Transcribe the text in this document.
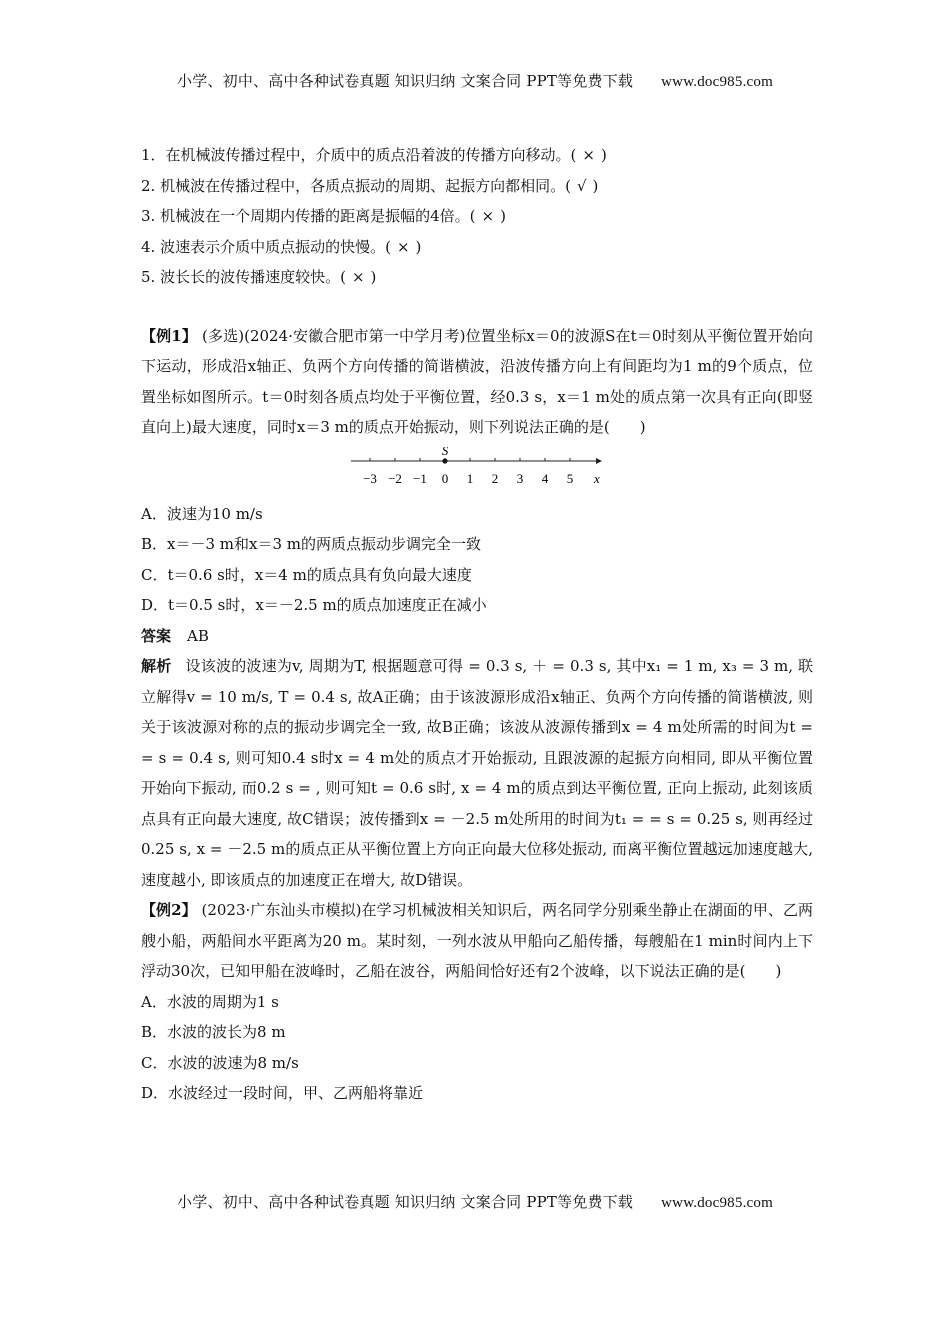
小学、初中、高中各种试卷真题 知识归纳 文案合同 PPT等免费下载 www.doc985.com

1．在机械波传播过程中，介质中的质点沿着波的传播方向移动。( × )

2. 机械波在传播过程中，各质点振动的周期、起振方向都相同。( √ )

3. 机械波在一个周期内传播的距离是振幅的4倍。( × )

4. 波速表示介质中质点振动的快慢。( × )

5. 波长长的波传播速度较快。( × )

【例1】 (多选)(2024·安徽合肥市第一中学月考)位置坐标x＝0的波源S在t＝0时刻从平衡位置开始向下运动，形成沿x轴正、负两个方向传播的简谐横波，沿波传播方向上有间距均为1 m的9个质点，位置坐标如图所示。t＝0时刻各质点均处于平衡位置，经0.3 s，x＝1 m处的质点第一次具有正向(即竖直向上)最大速度，同时x＝3 m的质点开始振动，则下列说法正确的是(　　)

S
x
−3 −2 −1 0 1 2 3 4 5

A．波速为10 m/s

B．x＝－3 m和x＝3 m的两质点振动步调完全一致

C．t＝0.6 s时，x＝4 m的质点具有负向最大速度

D．t＝0.5 s时，x＝－2.5 m的质点加速度正在减小

答案 AB

解析 设该波的波速为v, 周期为T, 根据题意可得 = 0.3 s, ＋ = 0.3 s, 其中x₁ = 1 m, x₃ = 3 m, 联立解得v = 10 m/s, T = 0.4 s, 故A正确；由于该波源形成沿x轴正、负两个方向传播的简谐横波, 则关于该波源对称的点的振动步调完全一致, 故B正确；该波从波源传播到x = 4 m处所需的时间为t = = s = 0.4 s, 则可知0.4 s时x = 4 m处的质点才开始振动, 且跟波源的起振方向相同, 即从平衡位置开始向下振动, 而0.2 s = , 则可知t = 0.6 s时, x = 4 m的质点到达平衡位置, 正向上振动, 此刻该质点具有正向最大速度, 故C错误；波传播到x = －2.5 m处所用的时间为t₁ = = s = 0.25 s, 则再经过0.25 s, x = －2.5 m的质点正从平衡位置上方向正向最大位移处振动, 而离平衡位置越远加速度越大, 速度越小, 即该质点的加速度正在增大, 故D错误。

【例2】 (2023·广东汕头市模拟)在学习机械波相关知识后，两名同学分别乘坐静止在湖面的甲、乙两艘小船，两船间水平距离为20 m。某时刻，一列水波从甲船向乙船传播，每艘船在1 min时间内上下浮动30次，已知甲船在波峰时，乙船在波谷，两船间恰好还有2个波峰，以下说法正确的是(　　)

A．水波的周期为1 s

B．水波的波长为8 m

C．水波的波速为8 m/s

D．水波经过一段时间，甲、乙两船将靠近

小学、初中、高中各种试卷真题 知识归纳 文案合同 PPT等免费下载 www.doc985.com
